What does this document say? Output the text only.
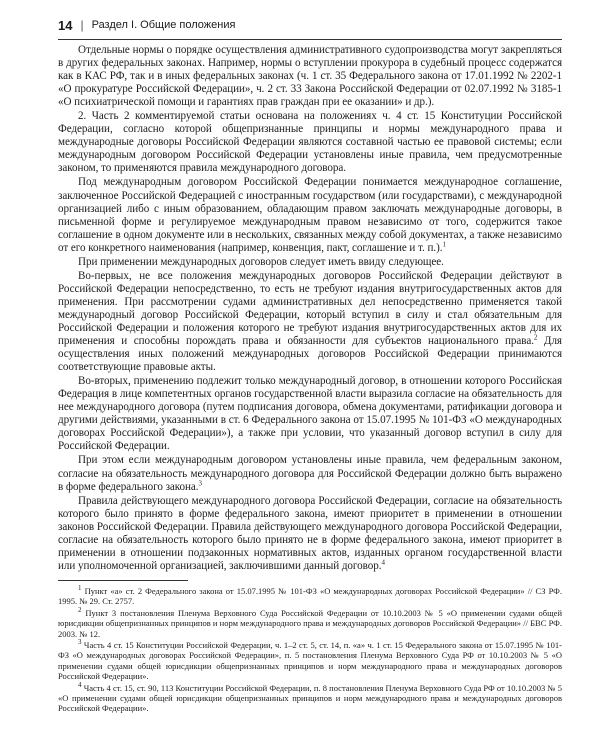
14 | Раздел I. Общие положения

Отдельные нормы о порядке осуществления административного судопроизводства могут закрепляться в других федеральных законах. Например, нормы о вступлении прокурора в судебный процесс содержатся как в КАС РФ, так и в иных федеральных законах (ч. 1 ст. 35 Федерального закона от 17.01.1992 № 2202-1 «О прокуратуре Российской Федерации», ч. 2 ст. 33 Закона Российской Федерации от 02.07.1992 № 3185-1 «О психиатрической помощи и гарантиях прав граждан при ее оказании» и др.).

2. Часть 2 комментируемой статьи основана на положениях ч. 4 ст. 15 Конституции Российской Федерации, согласно которой общепризнанные принципы и нормы международного права и международные договоры Российской Федерации являются составной частью ее правовой системы; если международным договором Российской Федерации установлены иные правила, чем предусмотренные законом, то применяются правила международного договора.

Под международным договором Российской Федерации понимается международное соглашение, заключенное Российской Федерацией с иностранным государством (или государствами), с международной организацией либо с иным образованием, обладающим правом заключать международные договоры, в письменной форме и регулируемое международным правом независимо от того, содержится такое соглашение в одном документе или в нескольких, связанных между собой документах, а также независимо от его конкретного наименования (например, конвенция, пакт, соглашение и т. п.).$^1$

При применении международных договоров следует иметь ввиду следующее.

Во-первых, не все положения международных договоров Российской Федерации действуют в Российской Федерации непосредственно, то есть не требуют издания внутригосударственных актов для применения. При рассмотрении судами административных дел непосредственно применяется такой международный договор Российской Федерации, который вступил в силу и стал обязательным для Российской Федерации и положения которого не требуют издания внутригосударственных актов для их применения и способны порождать права и обязанности для субъектов национального права.$^2$ Для осуществления иных положений международных договоров Российской Федерации принимаются соответствующие правовые акты.

Во-вторых, применению подлежит только международный договор, в отношении которого Российская Федерация в лице компетентных органов государственной власти выразила согласие на обязательность для нее международного договора (путем подписания договора, обмена документами, ратификации договора и другими действиями, указанными в ст. 6 Федерального закона от 15.07.1995 № 101-ФЗ «О международных договорах Российской Федерации»), а также при условии, что указанный договор вступил в силу для Российской Федерации.

При этом если международным договором установлены иные правила, чем федеральным законом, согласие на обязательность международного договора для Российской Федерации должно быть выражено в форме федерального закона.$^3$

Правила действующего международного договора Российской Федерации, согласие на обязательность которого было принято в форме федерального закона, имеют приоритет в применении в отношении законов Российской Федерации. Правила действующего международного договора Российской Федерации, согласие на обязательность которого было принято не в форме федерального закона, имеют приоритет в применении в отношении подзаконных нормативных актов, изданных органом государственной власти или уполномоченной организацией, заключившими данный договор.$^4$

$^1$ Пункт «а» ст. 2 Федерального закона от 15.07.1995 № 101-ФЗ «О международных договорах Российской Федерации» // СЗ РФ. 1995. № 29. Ст. 2757.

$^2$ Пункт 3 постановления Пленума Верховного Суда Российской Федерации от 10.10.2003 № 5 «О применении судами общей юрисдикции общепризнанных принципов и норм международного права и международных договоров Российской Федерации» // БВС РФ. 2003. № 12.

$^3$ Часть 4 ст. 15 Конституции Российской Федерации, ч. 1–2 ст. 5, ст. 14, п. «а» ч. 1 ст. 15 Федерального закона от 15.07.1995 № 101-ФЗ «О международных договорах Российской Федерации», п. 5 постановления Пленума Верховного Суда РФ от 10.10.2003 № 5 «О применении судами общей юрисдикции общепризнанных принципов и норм международного права и международных договоров Российской Федерации».

$^4$ Часть 4 ст. 15, ст. 90, 113 Конституции Российской Федерации, п. 8 постановления Пленума Верховного Суда РФ от 10.10.2003 № 5 «О применении судами общей юрисдикции общепризнанных принципов и норм международного права и международных договоров Российской Федерации».
